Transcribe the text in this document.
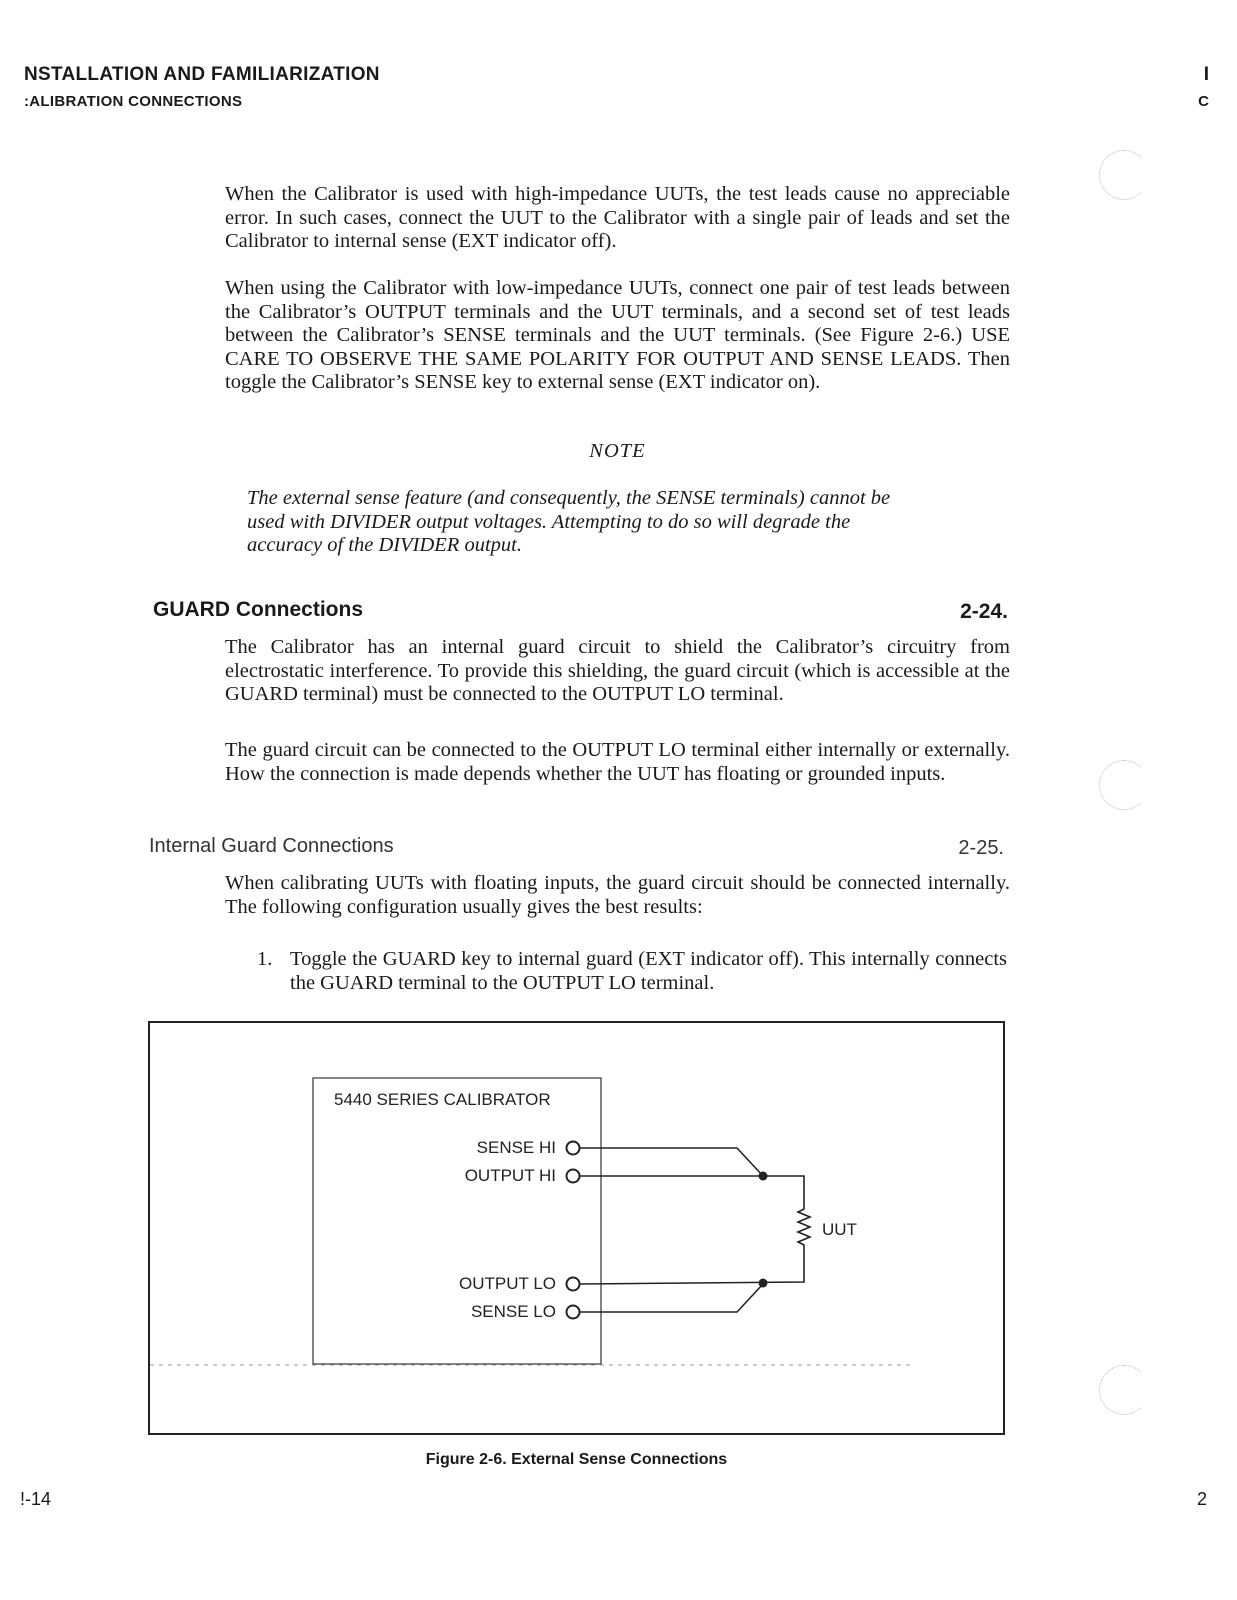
NSTALLATION AND FAMILIARIZATION

:ALIBRATION CONNECTIONS

I

C

When the Calibrator is used with high-impedance UUTs, the test leads cause no appreciable error. In such cases, connect the UUT to the Calibrator with a single pair of leads and set the Calibrator to internal sense (EXT indicator off).

When using the Calibrator with low-impedance UUTs, connect one pair of test leads between the Calibrator’s OUTPUT terminals and the UUT terminals, and a second set of test leads between the Calibrator’s SENSE terminals and the UUT terminals. (See Figure 2-6.) USE CARE TO OBSERVE THE SAME POLARITY FOR OUTPUT AND SENSE LEADS. Then toggle the Calibrator’s SENSE key to external sense (EXT indicator on).

NOTE

The external sense feature (and consequently, the SENSE terminals) cannot be used with DIVIDER output voltages. Attempting to do so will degrade the accuracy of the DIVIDER output.

GUARD Connections	2-24.

The Calibrator has an internal guard circuit to shield the Calibrator’s circuitry from electrostatic interference. To provide this shielding, the guard circuit (which is accessible at the GUARD terminal) must be connected to the OUTPUT LO terminal.

The guard circuit can be connected to the OUTPUT LO terminal either internally or externally. How the connection is made depends whether the UUT has floating or grounded inputs.

Internal Guard Connections	2-25.

When calibrating UUTs with floating inputs, the guard circuit should be connected internally. The following configuration usually gives the best results:

1. Toggle the GUARD key to internal guard (EXT indicator off). This internally connects the GUARD terminal to the OUTPUT LO terminal.
5440 SERIES CALIBRATOR
SENSE HI
OUTPUT HI
OUTPUT LO
SENSE LO
UUT

Figure 2-6. External Sense Connections

!-14	2
